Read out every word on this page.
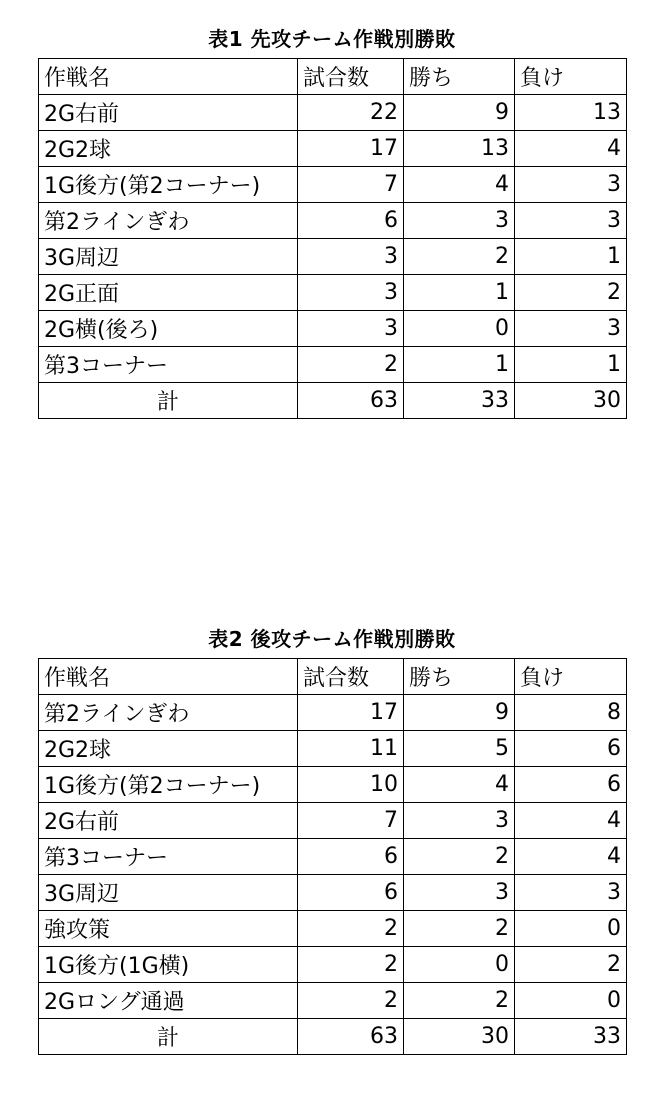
表1 先攻チーム作戦別勝敗
作戦名	試合数	勝ち	負け
2G右前	22	9	13
2G2球	17	13	4
1G後方(第2コーナー)	7	4	3
第2ラインぎわ	6	3	3
3G周辺	3	2	1
2G正面	3	1	2
2G横(後ろ)	3	0	3
第3コーナー	2	1	1
計	63	33	30
表2 後攻チーム作戦別勝敗
作戦名	試合数	勝ち	負け
第2ラインぎわ	17	9	8
2G2球	11	5	6
1G後方(第2コーナー)	10	4	6
2G右前	7	3	4
第3コーナー	6	2	4
3G周辺	6	3	3
強攻策	2	2	0
1G後方(1G横)	2	0	2
2Gロング通過	2	2	0
計	63	30	33
